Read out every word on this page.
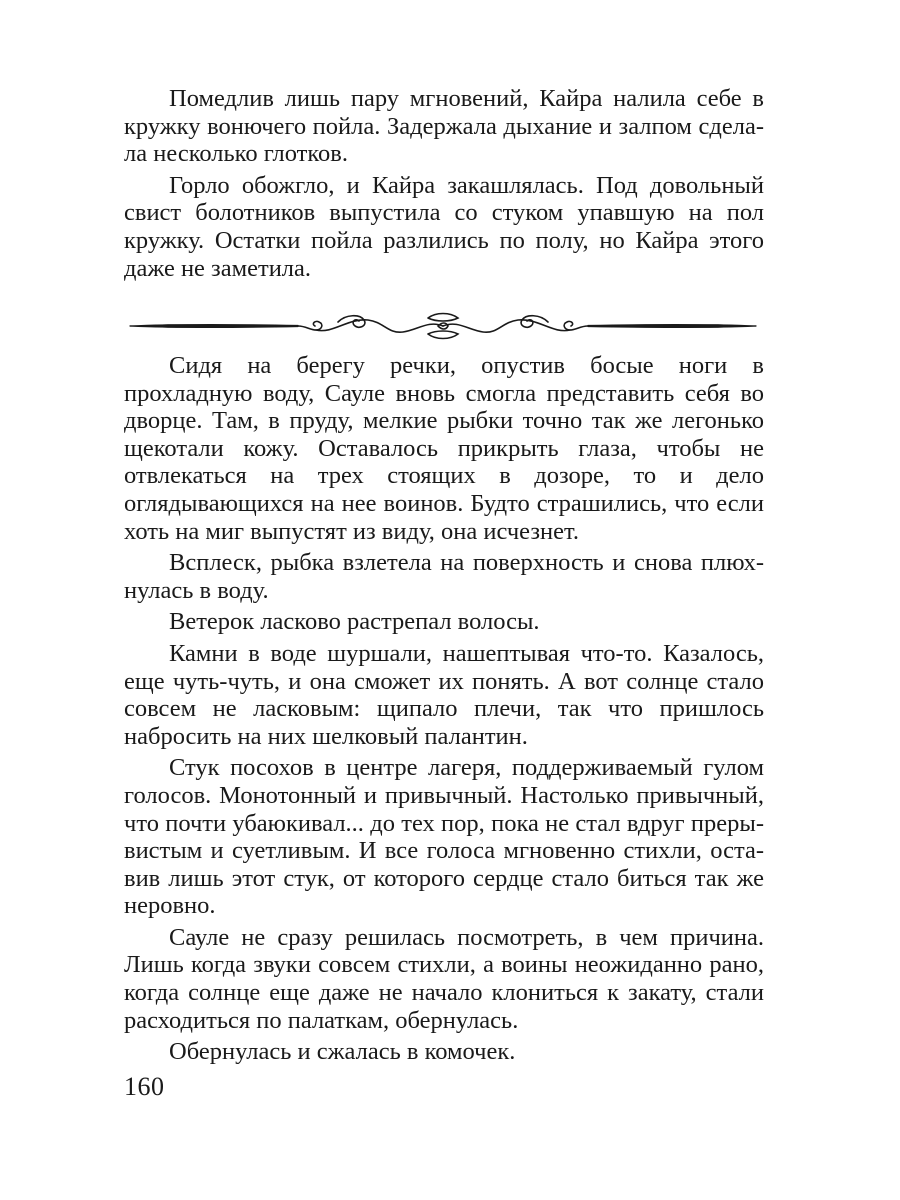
Помедлив лишь пару мгновений, Кайра налила себе в кружку вонючего пойла. Задержала дыхание и залпом сделала несколько глотков.

Горло обожгло, и Кайра закашлялась. Под довольный свист болотников выпустила со стуком упавшую на пол кружку. Остатки пойла разлились по полу, но Кайра этого даже не заметила.

Сидя на берегу речки, опустив босые ноги в прохладную воду, Сауле вновь смогла представить себя во дворце. Там, в пруду, мелкие рыбки точно так же легонько щекотали кожу. Оставалось прикрыть глаза, чтобы не отвлекаться на трех стоящих в дозоре, то и дело оглядывающихся на нее воинов. Будто страшились, что если хоть на миг выпустят из виду, она исчезнет.

Всплеск, рыбка взлетела на поверхность и снова плюхнулась в воду.

Ветерок ласково растрепал волосы.

Камни в воде шуршали, нашептывая что-то. Казалось, еще чуть-чуть, и она сможет их понять. А вот солнце стало совсем не ласковым: щипало плечи, так что пришлось набросить на них шелковый палантин.

Стук посохов в центре лагеря, поддерживаемый гулом голосов. Монотонный и привычный. Настолько привычный, что почти убаюкивал... до тех пор, пока не стал вдруг прерывистым и суетливым. И все голоса мгновенно стихли, оставив лишь этот стук, от которого сердце стало биться так же неровно.

Сауле не сразу решилась посмотреть, в чем причина. Лишь когда звуки совсем стихли, а воины неожиданно рано, когда солнце еще даже не начало клониться к закату, стали расходиться по палаткам, обернулась.

Обернулась и сжалась в комочек.

160
